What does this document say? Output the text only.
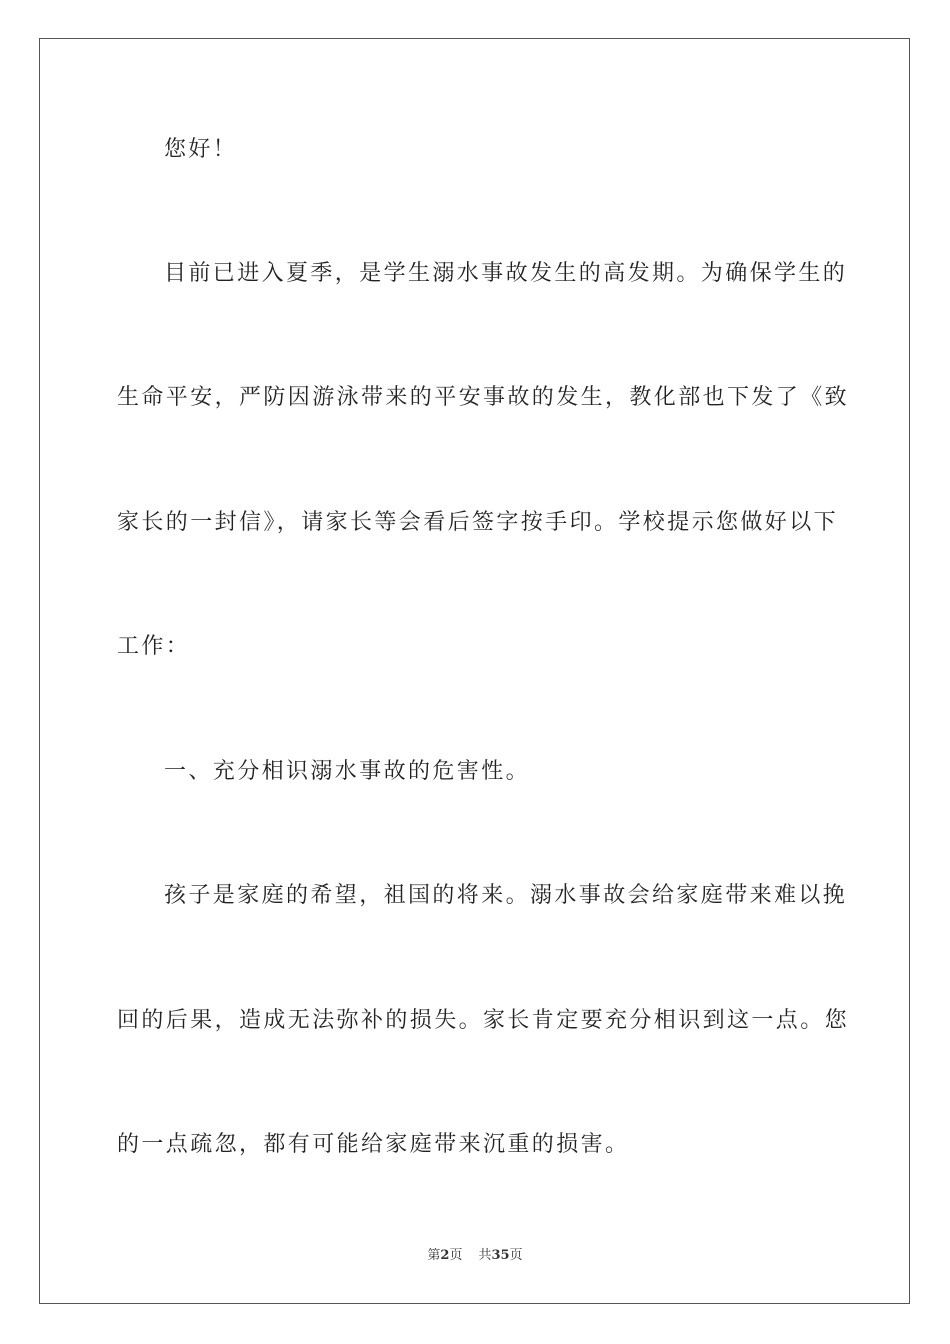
您好！
目前已进入夏季，是学生溺水事故发生的高发期。为确保学生的
生命平安，严防因游泳带来的平安事故的发生，教化部也下发了《致
家长的一封信》，请家长等会看后签字按手印。学校提示您做好以下
工作：
一、充分相识溺水事故的危害性。
孩子是家庭的希望，祖国的将来。溺水事故会给家庭带来难以挽
回的后果，造成无法弥补的损失。家长肯定要充分相识到这一点。您
的一点疏忽，都有可能给家庭带来沉重的损害。
第2页 共35页
